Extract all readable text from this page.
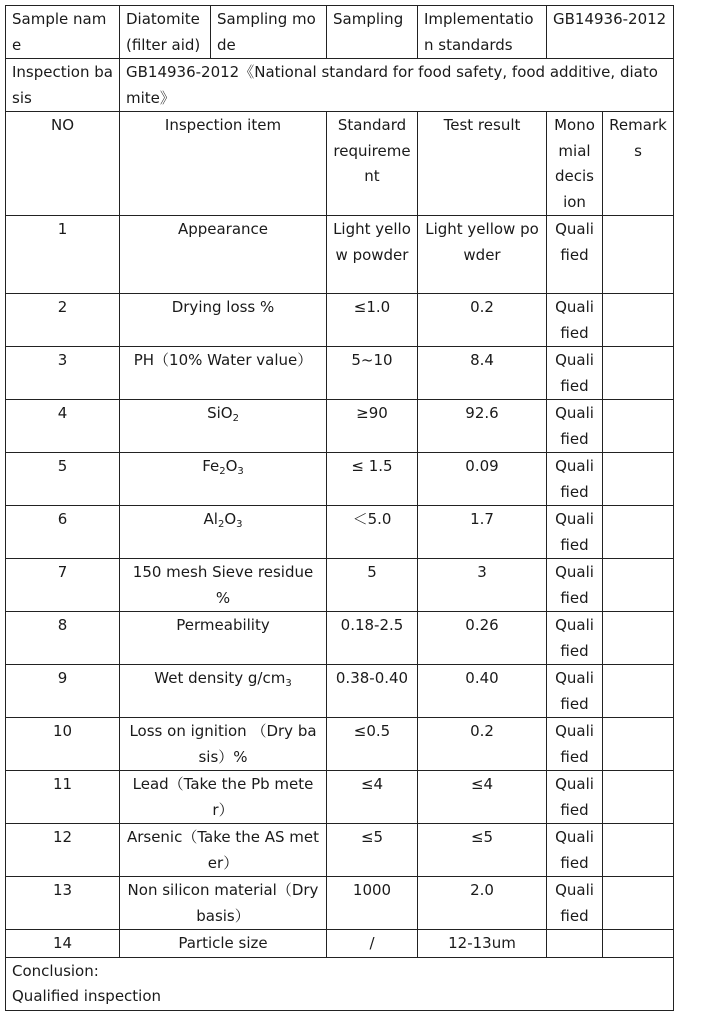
Sample name	Diatomite (filter aid)	Sampling mode	Sampling	Implementation standards	GB14936-2012	
Inspection basis	GB14936-2012《National standard for food safety, food additive, diatomite》					
NO	Inspection item		Standard requirement	Test result	Monomial decision	Remarks
1	Appearance		Light yellow powder	Light yellow powder	Qualified	
2	Drying loss %		≤1.0	0.2	Qualified	
3	PH（10% Water value）		5~10	8.4	Qualified	
4	SiO$_2$		≥90	92.6	Qualified	
5	$Fe_2O_3$		≤ 1.5	0.09	Qualified	
6	$Al_2O_3$		＜5.0	1.7	Qualified	
7	150 mesh Sieve residue %		5	3	Qualified	
8	Permeability		0.18-2.5	0.26	Qualified	
9	Wet density $g/cm_3$		0.38-0.40	0.40	Qualified	
10	Loss on ignition （Dry basis）%		≤0.5	0.2	Qualified	
11	Lead（Take the Pb meter）		≤4	≤4	Qualified	
12	Arsenic（Take the AS meter）		≤5	≤5	Qualified	
13	Non silicon material（Dry basis）		1000	2.0	Qualified	
14	Particle size		/	12-13um		

Conclusion:
Qualified inspection						
